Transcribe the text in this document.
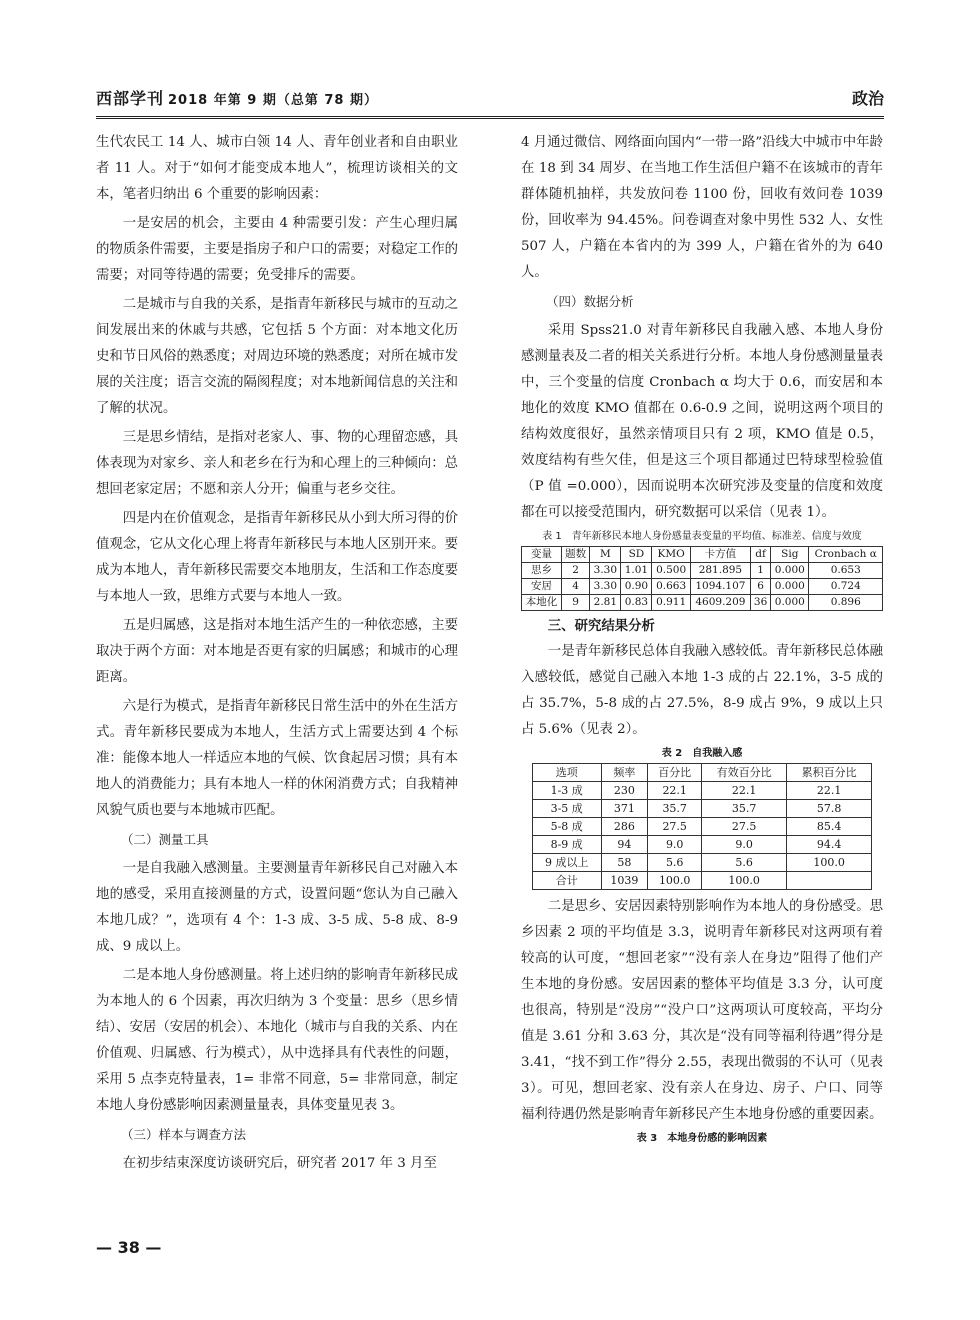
西部学刊 2018 年第 9 期（总第 78 期）	政治

生代农民工 14 人、城市白领 14 人、青年创业者和自由职业者 11 人。对于“如何才能变成本地人”，梳理访谈相关的文本，笔者归纳出 6 个重要的影响因素：

一是安居的机会，主要由 4 种需要引发：产生心理归属的物质条件需要，主要是指房子和户口的需要；对稳定工作的需要；对同等待遇的需要；免受排斥的需要。

二是城市与自我的关系，是指青年新移民与城市的互动之间发展出来的休戚与共感，它包括 5 个方面：对本地文化历史和节日风俗的熟悉度；对周边环境的熟悉度；对所在城市发展的关注度；语言交流的隔阂程度；对本地新闻信息的关注和了解的状况。

三是思乡情结，是指对老家人、事、物的心理留恋感，具体表现为对家乡、亲人和老乡在行为和心理上的三种倾向：总想回老家定居；不愿和亲人分开；偏重与老乡交往。

四是内在价值观念，是指青年新移民从小到大所习得的价值观念，它从文化心理上将青年新移民与本地人区别开来。要成为本地人，青年新移民需要交本地朋友，生活和工作态度要与本地人一致，思维方式要与本地人一致。

五是归属感，这是指对本地生活产生的一种依恋感，主要取决于两个方面：对本地是否更有家的归属感；和城市的心理距离。

六是行为模式，是指青年新移民日常生活中的外在生活方式。青年新移民要成为本地人，生活方式上需要达到 4 个标准：能像本地人一样适应本地的气候、饮食起居习惯；具有本地人的消费能力；具有本地人一样的休闲消费方式；自我精神风貌气质也要与本地城市匹配。

（二）测量工具

一是自我融入感测量。主要测量青年新移民自己对融入本地的感受，采用直接测量的方式，设置问题“您认为自己融入本地几成？”，选项有 4 个：1-3 成、3-5 成、5-8 成、8-9 成、9 成以上。

二是本地人身份感测量。将上述归纳的影响青年新移民成为本地人的 6 个因素，再次归纳为 3 个变量：思乡（思乡情结）、安居（安居的机会）、本地化（城市与自我的关系、内在价值观、归属感、行为模式），从中选择具有代表性的问题，采用 5 点李克特量表，1= 非常不同意，5= 非常同意，制定本地人身份感影响因素测量量表，具体变量见表 3。

（三）样本与调查方法

在初步结束深度访谈研究后，研究者 2017 年 3 月至

4 月通过微信、网络面向国内“一带一路”沿线大中城市中年龄在 18 到 34 周岁、在当地工作生活但户籍不在该城市的青年群体随机抽样，共发放问卷 1100 份，回收有效问卷 1039 份，回收率为 94.45%。问卷调查对象中男性 532 人、女性 507 人，户籍在本省内的为 399 人，户籍在省外的为 640 人。

（四）数据分析

采用 Spss21.0 对青年新移民自我融入感、本地人身份感测量表及二者的相关关系进行分析。本地人身份感测量量表中，三个变量的信度 Cronbach α 均大于 0.6，而安居和本地化的效度 KMO 值都在 0.6-0.9 之间，说明这两个项目的结构效度很好，虽然亲情项目只有 2 项，KMO 值是 0.5，效度结构有些欠佳，但是这三个项目都通过巴特球型检验值（P 值 =0.000），因而说明本次研究涉及变量的信度和效度都在可以接受范围内，研究数据可以采信（见表 1）。

表 1　青年新移民本地人身份感量表变量的平均值、标准差、信度与效度
变量	题数	M	SD	KMO	卡方值	df	Sig	Cronbach α
思乡	2	3.30	1.01	0.500	281.895	1	0.000	0.653
安居	4	3.30	0.90	0.663	1094.107	6	0.000	0.724
本地化	9	2.81	0.83	0.911	4609.209	36	0.000	0.896
三、研究结果分析

一是青年新移民总体自我融入感较低。青年新移民总体融入感较低，感觉自己融入本地 1-3 成的占 22.1%，3-5 成的占 35.7%，5-8 成的占 27.5%，8-9 成占 9%，9 成以上只占 5.6%（见表 2）。

表 2　自我融入感
选项	频率	百分比	有效百分比	累积百分比
1-3 成	230	22.1	22.1	22.1
3-5 成	371	35.7	35.7	57.8
5-8 成	286	27.5	27.5	85.4
8-9 成	94	9.0	9.0	94.4
9 成以上	58	5.6	5.6	100.0
合计	1039	100.0	100.0	

二是思乡、安居因素特别影响作为本地人的身份感受。思乡因素 2 项的平均值是 3.3，说明青年新移民对这两项有着较高的认可度，“想回老家”“没有亲人在身边”阻得了他们产生本地的身份感。安居因素的整体平均值是 3.3 分，认可度也很高，特别是“没房”“没户口”这两项认可度较高，平均分值是 3.61 分和 3.63 分，其次是“没有同等福利待遇”得分是 3.41，“找不到工作”得分 2.55，表现出微弱的不认可（见表 3）。可见，想回老家、没有亲人在身边、房子、户口、同等福利待遇仍然是影响青年新移民产生本地身份感的重要因素。

表 3　本地身份感的影响因素
— 38 —
